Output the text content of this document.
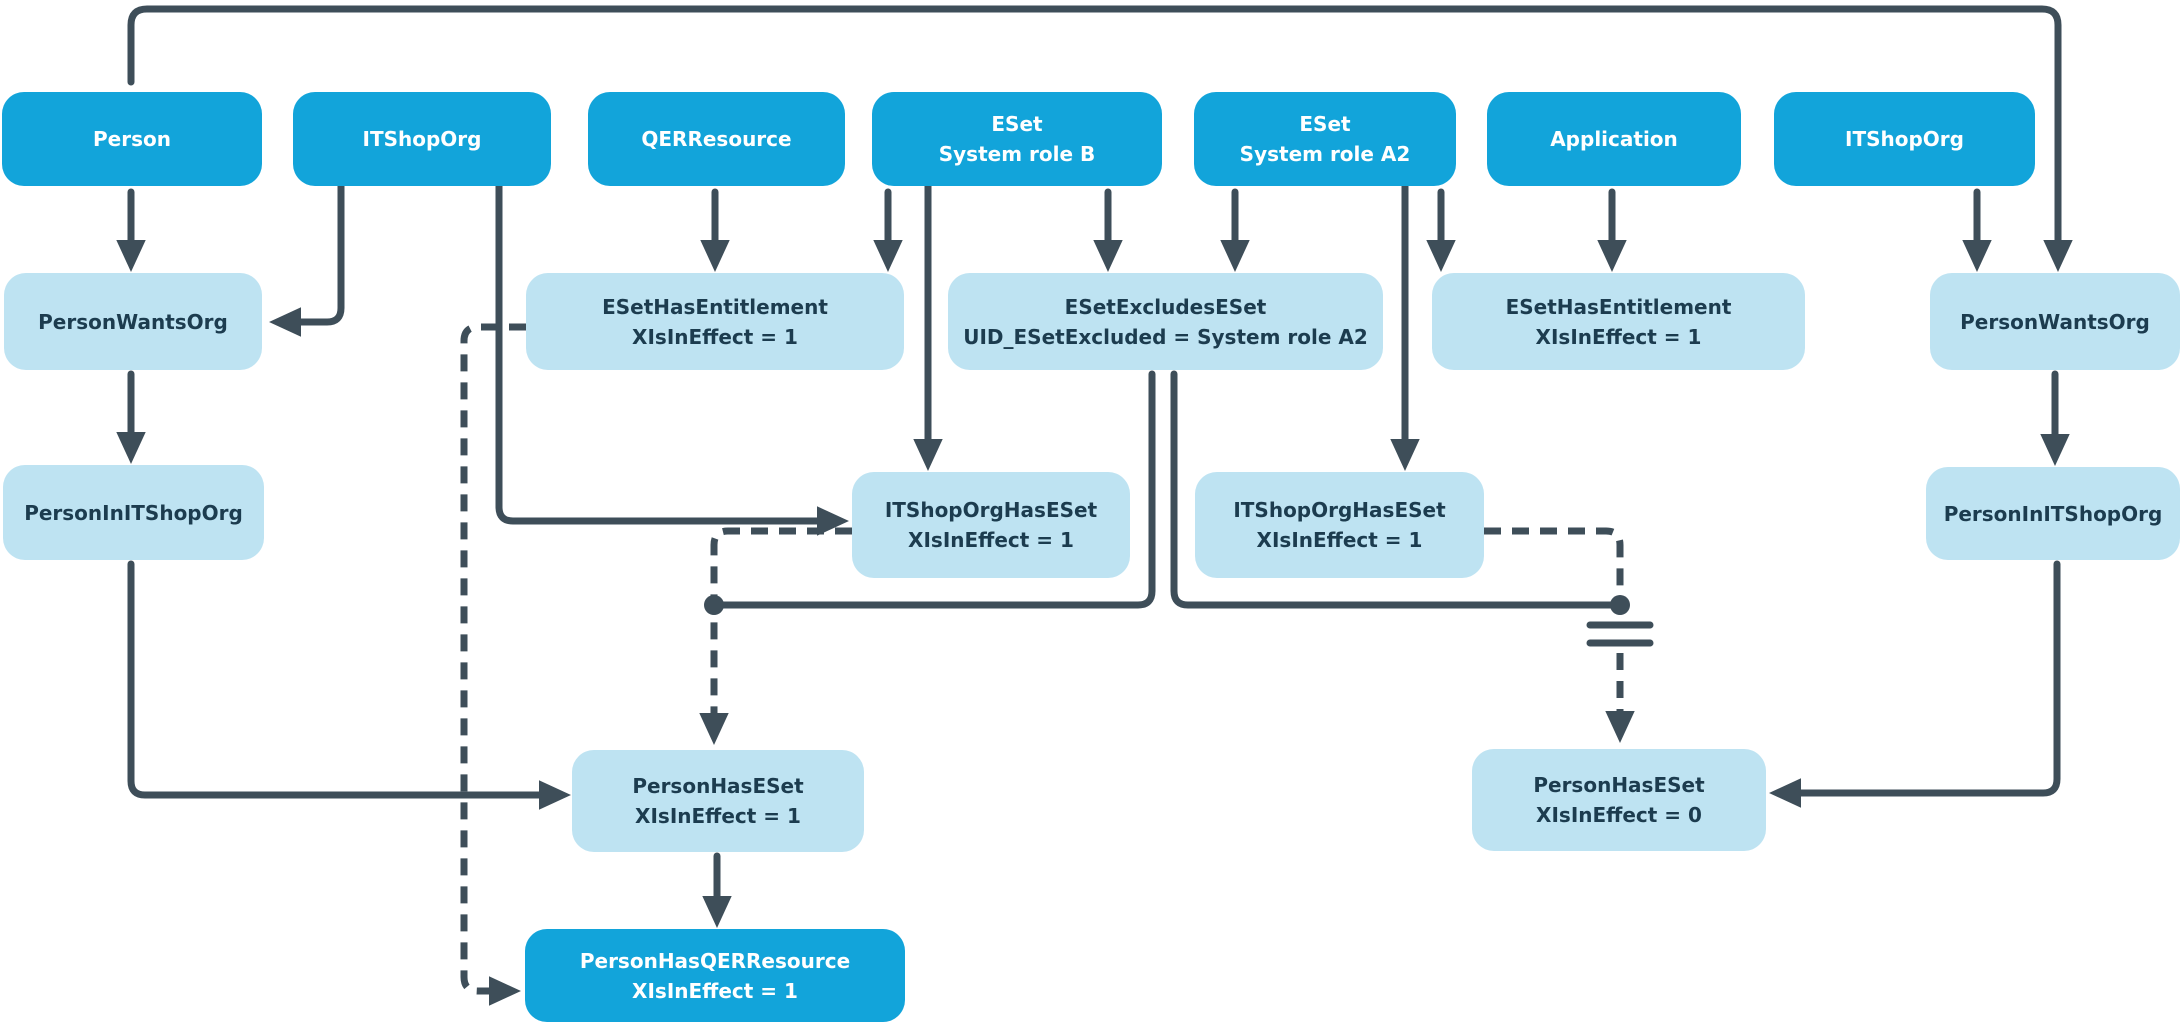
Person	ITShopOrg	QERResource
ESet
System role B
ESet
System role A2
Application	ITShopOrg
PersonWantsOrg
ESetHasEntitlement
XIsInEffect = 1
ESetExcludesESet
UID_ESetExcluded = System role A2
ESetHasEntitlement
XIsInEffect = 1
PersonWantsOrg
PersonInITShopOrg	ITShopOrgHasESet
XIsInEffect = 1
ITShopOrgHasESet
XIsInEffect = 1
PersonInITShopOrg
PersonHasESet
XIsInEffect = 1
PersonHasESet
XIsInEffect = 0
PersonHasQERResource
XIsInEffect = 1
